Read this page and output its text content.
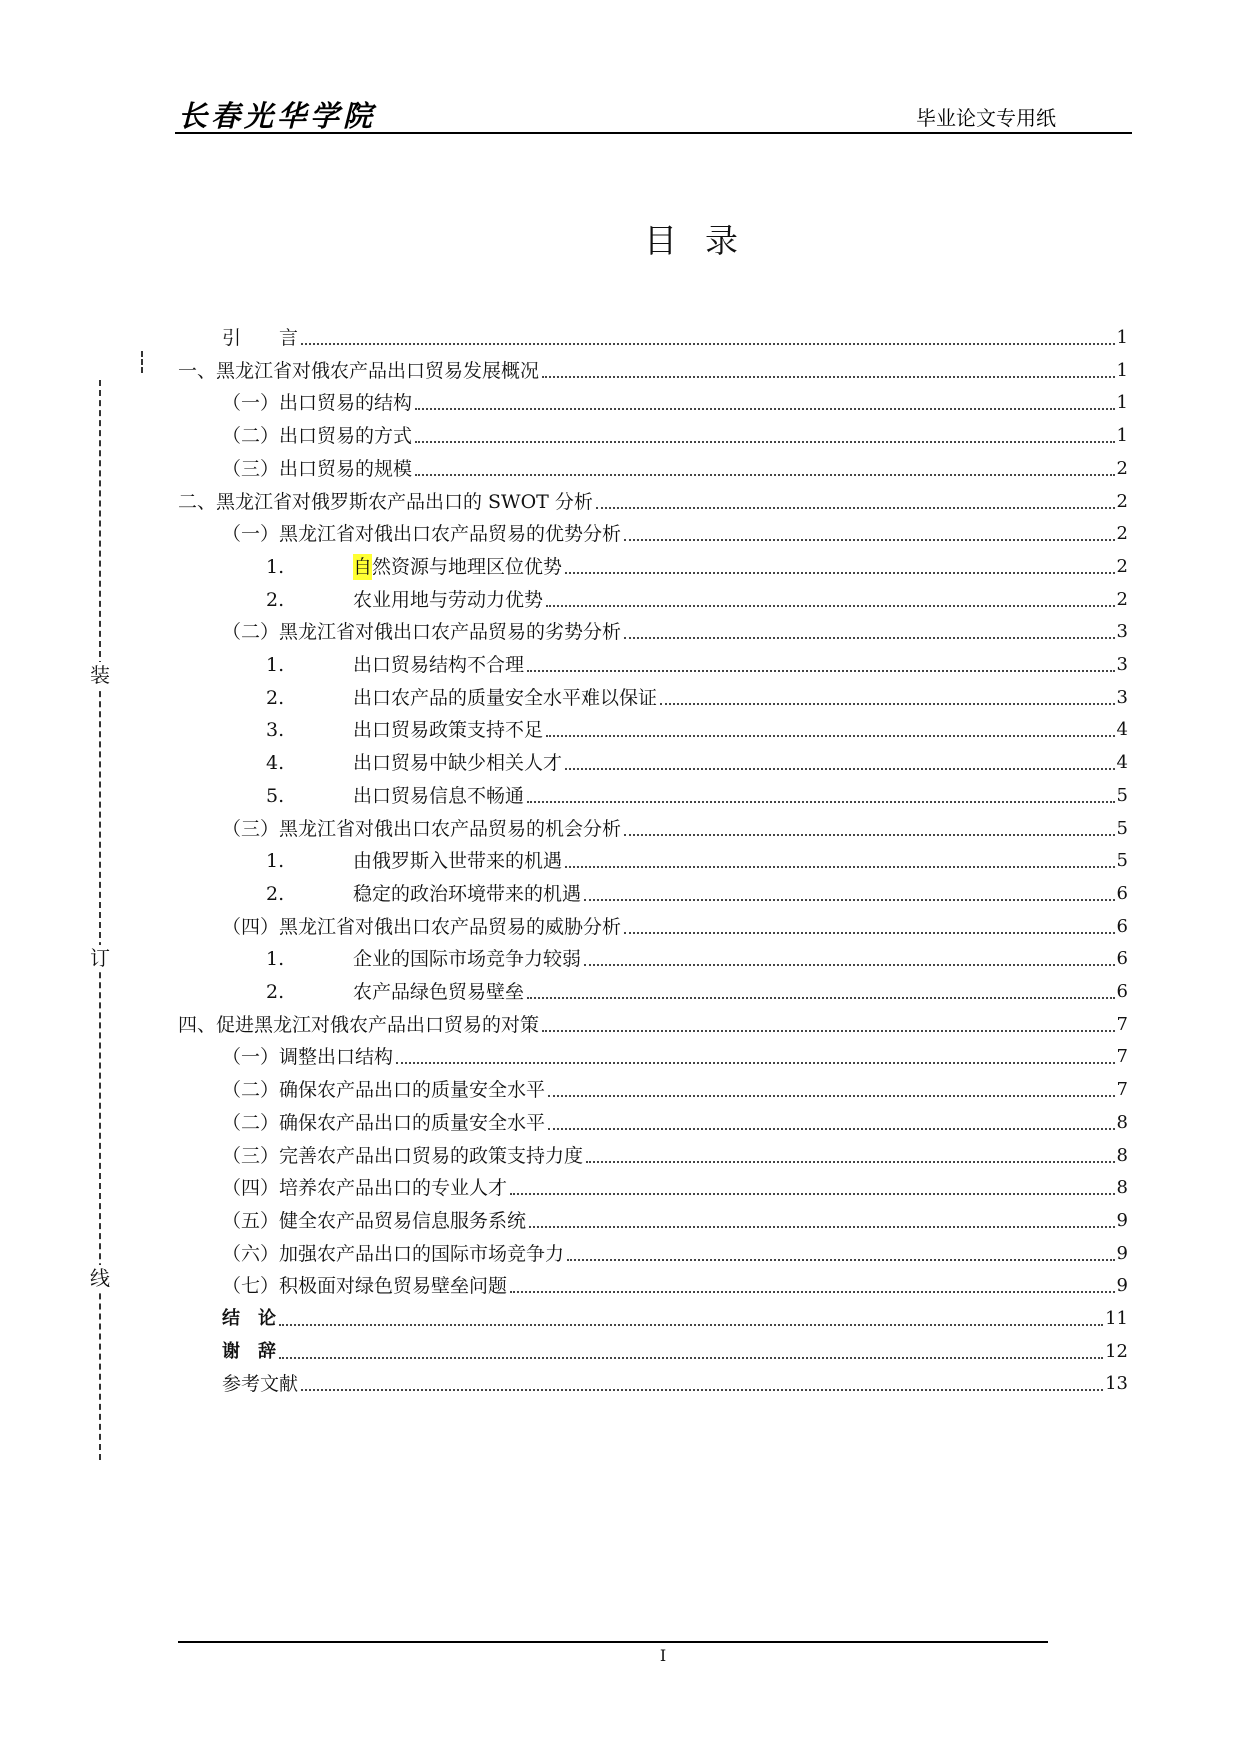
长春光华学院	毕业论文专用纸
目录
装
订
线
引　　言	1
一、黑龙江省对俄农产品出口贸易发展概况	1
（一）出口贸易的结构	1
（二）出口贸易的方式	1
（三）出口贸易的规模	2
二、黑龙江省对俄罗斯农产品出口的 SWOT 分析	2
（一）黑龙江省对俄出口农产品贸易的优势分析	2
1.	自 然资源与地理区位优势	2
2.	农业用地与劳动力优势	2
（二）黑龙江省对俄出口农产品贸易的劣势分析	3
1.	出口贸易结构不合理	3
2.	出口农产品的质量安全水平难以保证	3
3.	出口贸易政策支持不足	4
4.	出口贸易中缺少相关人才	4
5.	出口贸易信息不畅通	5
（三）黑龙江省对俄出口农产品贸易的机会分析	5
1.	由俄罗斯入世带来的机遇	5
2.	稳定的政治环境带来的机遇	6
（四）黑龙江省对俄出口农产品贸易的威胁分析	6
1.	企业的国际市场竞争力较弱	6
2.	农产品绿色贸易壁垒	6
四、促进黑龙江对俄农产品出口贸易的对策	7
（一）调整出口结构	7
（二）确保农产品出口的质量安全水平	7
（二）确保农产品出口的质量安全水平	8
（三）完善农产品出口贸易的政策支持力度	8
（四）培养农产品出口的专业人才	8
（五）健全农产品贸易信息服务系统	9
（六）加强农产品出口的国际市场竞争力	9
（七）积极面对绿色贸易壁垒问题	9
结　论	11
谢　辞	12
参考文献	13
I
